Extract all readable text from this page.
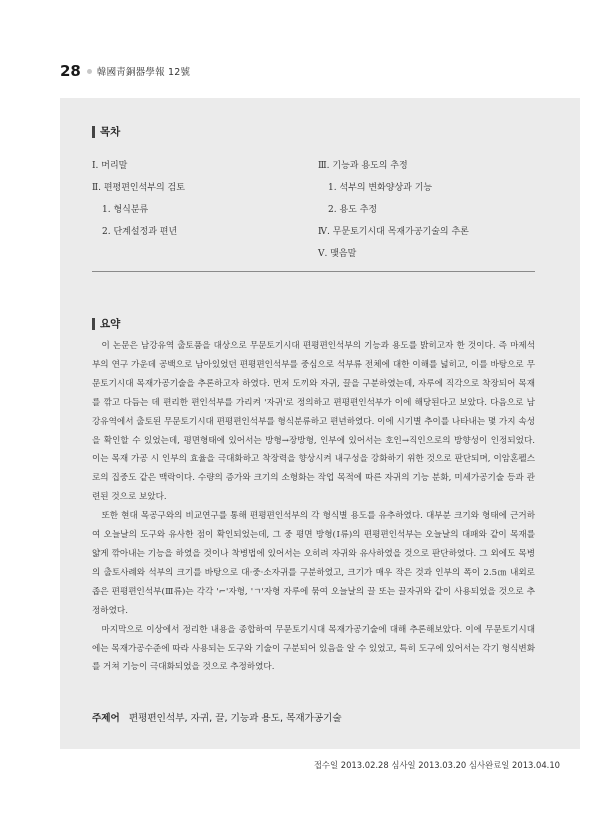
28 韓國靑銅器學報 12號
목차
Ⅰ. 머리말
Ⅱ. 편평편인석부의 검토
1. 형식분류
2. 단계설정과 편년
Ⅲ. 기능과 용도의 추정
1. 석부의 변화양상과 기능
2. 용도 추정
Ⅳ. 무문토기시대 목재가공기술의 추론
Ⅴ. 맺음말
요약

이 논문은 남강유역 출토품을 대상으로 무문토기시대 편평편인석부의 기능과 용도를 밝히고자 한 것이다. 즉 마제석부의 연구 가운데 공백으로 남아있었던 편평편인석부를 중심으로 석부류 전체에 대한 이해를 넓히고, 이를 바탕으로 무문토기시대 목재가공기술을 추론하고자 하였다. 먼저 도끼와 자귀, 끌을 구분하였는데, 자루에 직각으로 착장되어 목재를 깎고 다듬는 데 편리한 편인석부를 가리켜 '자귀'로 정의하고 편평편인석부가 이에 해당된다고 보았다. 다음으로 남강유역에서 출토된 무문토기시대 편평편인석부를 형식분류하고 편년하였다. 이에 시기별 추이를 나타내는 몇 가지 속성을 확인할 수 있었는데, 평면형태에 있어서는 방형→장방형, 인부에 있어서는 호인→직인으로의 방향성이 인정되었다. 이는 목재 가공 시 인부의 효율을 극대화하고 착장력을 향상시켜 내구성을 강화하기 위한 것으로 판단되며, 이암혼펠스로의 집중도 같은 맥락이다. 수량의 증가와 크기의 소형화는 작업 목적에 따른 자귀의 기능 분화, 미세가공기술 등과 관련된 것으로 보았다.

또한 현대 목공구와의 비교연구를 통해 편평편인석부의 각 형식별 용도를 유추하였다. 대부분 크기와 형태에 근거하여 오늘날의 도구와 유사한 점이 확인되었는데, 그 중 평면 방형(Ⅰ류)의 편평편인석부는 오늘날의 대패와 같이 목재를 얇게 깎아내는 기능을 하였을 것이나 착병법에 있어서는 오히려 자귀와 유사하였을 것으로 판단하였다. 그 외에도 목병의 출토사례와 석부의 크기를 바탕으로 대·중·소자귀를 구분하였고, 크기가 매우 작은 것과 인부의 폭이 2.5㎝ 내외로 좁은 편평편인석부(Ⅲ류)는 각각 '⌐'자형, 'ㄱ'자형 자루에 묶여 오늘날의 끌 또는 끌자귀와 같이 사용되었을 것으로 추정하였다.

마지막으로 이상에서 정리한 내용을 종합하여 무문토기시대 목재가공기술에 대해 추론해보았다. 이에 무문토기시대에는 목재가공수준에 따라 사용되는 도구와 기술이 구분되어 있음을 알 수 있었고, 특히 도구에 있어서는 각기 형식변화를 거쳐 기능이 극대화되었을 것으로 추정하였다.

주제어 편평편인석부, 자귀, 끌, 기능과 용도, 목재가공기술
접수일 2013.02.28 심사일 2013.03.20 심사완료일 2013.04.10
